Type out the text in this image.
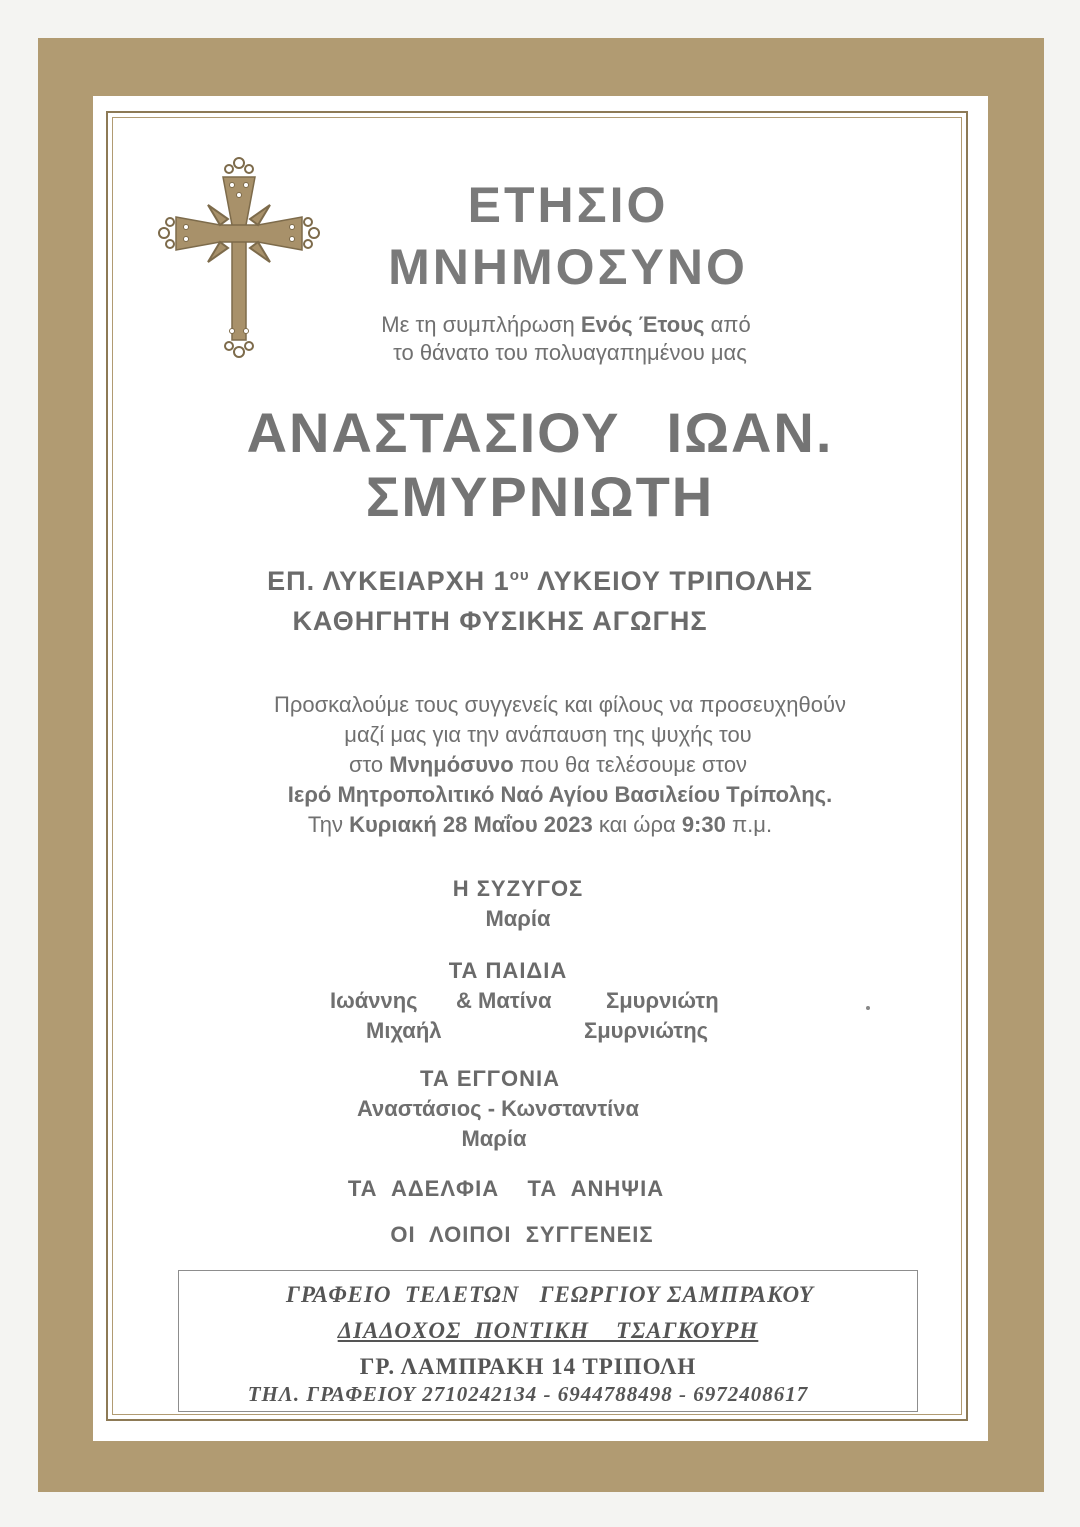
ΕΤΗΣΙΟ
ΜΝΗΜΟΣΥΝΟ
Με τη συμπλήρωση Ενός Έτους από
το θάνατο του πολυαγαπημένου μας
ΑΝΑΣΤΑΣΙΟΥ ΙΩΑΝ.
ΣΜΥΡΝΙΩΤΗ
ΕΠ. ΛΥΚΕΙΑΡΧΗ $1^{o\upsilon}$ ΛΥΚΕΙΟΥ ΤΡΙΠΟΛΗΣ
ΚΑΘΗΓΗΤΗ ΦΥΣΙΚΗΣ ΑΓΩΓΗΣ
Προσκαλούμε τους συγγενείς και φίλους να προσευχηθούν
μαζί μας για την ανάπαυση της ψυχής του
στο Μνημόσυνο που θα τελέσουμε στον
Ιερό Μητροπολιτικό Ναό Αγίου Βασιλείου Τρίπολης.
Την Κυριακή 28 Μαΐου 2023 και ώρα 9:30 π.μ.
Η ΣΥΖΥΓΟΣ
Μαρία
ΤΑ ΠΑΙΔΙΑ
Ιωάννης & Ματίνα Σμυρνιώτη
Μιχαήλ	Σμυρνιώτης
ΤΑ ΕΓΓΟΝΙΑ
Αναστάσιος - Κωνσταντίνα
Μαρία
ΤΑ  ΑΔΕΛΦΙΑ    ΤΑ  ΑΝΗΨΙΑ
ΟΙ  ΛΟΙΠΟΙ  ΣΥΓΓΕΝΕΙΣ
ΓΡΑΦΕΙΟ  ΤΕΛΕΤΩΝ   ΓΕΩΡΓΙΟΥ ΣΑΜΠΡΑΚΟΥ
ΔΙΑΔΟΧΟΣ  ΠΟΝΤΙΚΗ    ΤΣΑΓΚΟΥΡΗ
ΓΡ. ΛΑΜΠΡΑΚΗ 14 ΤΡΙΠΟΛΗ
ΤΗΛ. ΓΡΑΦΕΙΟΥ 2710242134 - 6944788498 - 6972408617
